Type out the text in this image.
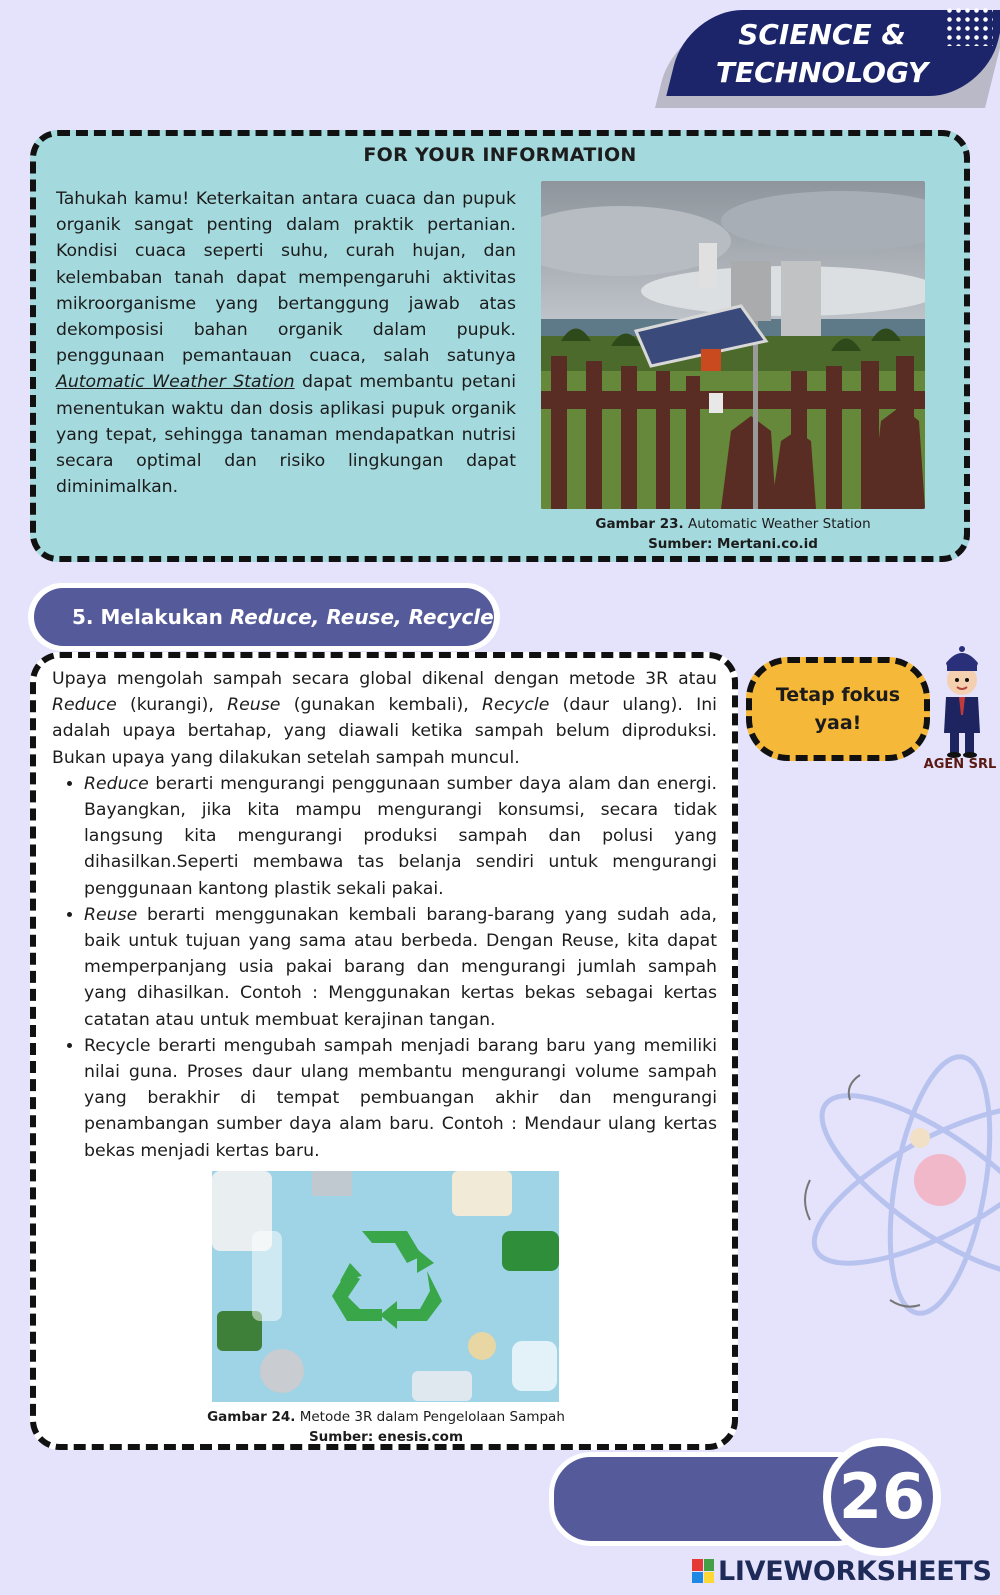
SCIENCE &
TECHNOLOGY
FOR YOUR INFORMATION
Tahukah kamu! Keterkaitan antara cuaca dan pupuk organik sangat penting dalam praktik pertanian. Kondisi cuaca seperti suhu, curah hujan, dan kelembaban tanah dapat mempengaruhi aktivitas mikroorganisme yang bertanggung jawab atas dekomposisi bahan organik dalam pupuk. penggunaan pemantauan cuaca, salah satunya Automatic Weather Station dapat membantu petani menentukan waktu dan dosis aplikasi pupuk organik yang tepat, sehingga tanaman mendapatkan nutrisi secara optimal dan risiko lingkungan dapat diminimalkan.
Gambar 23. Automatic Weather Station
Sumber: Mertani.co.id
5. Melakukan Reduce, Reuse, Recycle

Upaya mengolah sampah secara global dikenal dengan metode 3R atau Reduce (kurangi), Reuse (gunakan kembali), Recycle (daur ulang). Ini adalah upaya bertahap, yang diawali ketika sampah belum diproduksi. Bukan upaya yang dilakukan setelah sampah muncul.

• Reduce berarti mengurangi penggunaan sumber daya alam dan energi. Bayangkan, jika kita mampu mengurangi konsumsi, secara tidak langsung kita mengurangi produksi sampah dan polusi yang dihasilkan.Seperti membawa tas belanja sendiri untuk mengurangi penggunaan kantong plastik sekali pakai.
• Reuse berarti menggunakan kembali barang-barang yang sudah ada, baik untuk tujuan yang sama atau berbeda. Dengan Reuse, kita dapat memperpanjang usia pakai barang dan mengurangi jumlah sampah yang dihasilkan. Contoh : Menggunakan kertas bekas sebagai kertas catatan atau untuk membuat kerajinan tangan.
• Recycle berarti mengubah sampah menjadi barang baru yang memiliki nilai guna. Proses daur ulang membantu mengurangi volume sampah yang berakhir di tempat pembuangan akhir dan mengurangi penambangan sumber daya alam baru. Contoh : Mendaur ulang kertas bekas menjadi kertas baru.
Gambar 24. Metode 3R dalam Pengelolaan Sampah
Sumber: enesis.com
Tetap fokus
yaa!
AGEN SRL
26
LIVEWORKSHEETS
